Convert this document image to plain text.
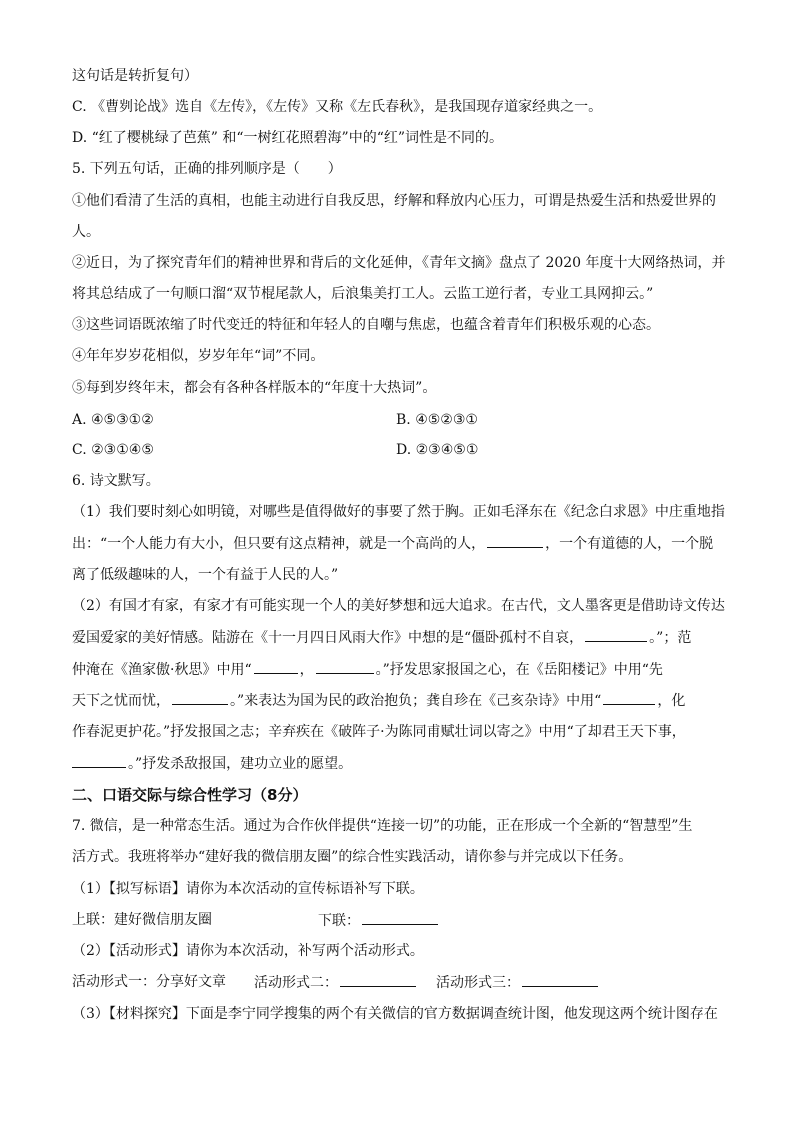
这句话是转折复句）
C. 《曹刿论战》选自《左传》，《左传》又称《左氏春秋》，是我国现存道家经典之一。
D. “红了樱桃绿了芭蕉” 和“一树红花照碧海”中的“红”词性是不同的。
5. 下列五句话，正确的排列顺序是（　　）
①他们看清了生活的真相，也能主动进行自我反思，纾解和释放内心压力，可谓是热爱生活和热爱世界的
人。
②近日，为了探究青年们的精神世界和背后的文化延伸，《青年文摘》盘点了 2020 年度十大网络热词，并
将其总结成了一句顺口溜“双节棍尾款人，后浪集美打工人。云监工逆行者，专业工具网抑云。”
③这些词语既浓缩了时代变迁的特征和年轻人的自嘲与焦虑，也蕴含着青年们积极乐观的心态。
④年年岁岁花相似，岁岁年年“词”不同。
⑤每到岁终年末，都会有各种各样版本的“年度十大热词”。
A. ④⑤③①②	B. ④⑤②③①
C. ②③①④⑤	D. ②③④⑤①
6. 诗文默写。
（1）我们要时刻心如明镜，对哪些是值得做好的事要了然于胸。正如毛泽东在《纪念白求恩》中庄重地指
出：“一个人能力有大小，但只要有这点精神，就是一个高尚的人，	，一个有道德的人，一个脱
离了低级趣味的人，一个有益于人民的人。”
（2）有国才有家，有家才有可能实现一个人的美好梦想和远大追求。在古代，文人墨客更是借助诗文传达
爱国爱家的美好情感。陆游在《十一月四日风雨大作》中想的是“僵卧孤村不自哀，	。”；范
仲淹在《渔家傲·秋思》中用“	，	。”抒发思家报国之心，在《岳阳楼记》中用“先
天下之忧而忧，	。”来表达为国为民的政治抱负；龚自珍在《己亥杂诗》中用“	，化
作春泥更护花。”抒发报国之志；辛弃疾在《破阵子·为陈同甫赋壮词以寄之》中用“了却君王天下事，
。”抒发杀敌报国，建功立业的愿望。
二、口语交际与综合性学习（8分）
7. 微信，是一种常态生活。通过为合作伙伴提供“连接一切”的功能，正在形成一个全新的“智慧型”生
活方式。我班将举办“建好我的微信朋友圈”的综合性实践活动，请你参与并完成以下任务。
（1）【拟写标语】请你为本次活动的宣传标语补写下联。
上联：建好微信朋友圈	下联：
（2）【活动形式】请你为本次活动，补写两个活动形式。
活动形式一：分享好文章 活动形式二：	活动形式三：
（3）【材料探究】下面是李宁同学搜集的两个有关微信的官方数据调查统计图，他发现这两个统计图存在
